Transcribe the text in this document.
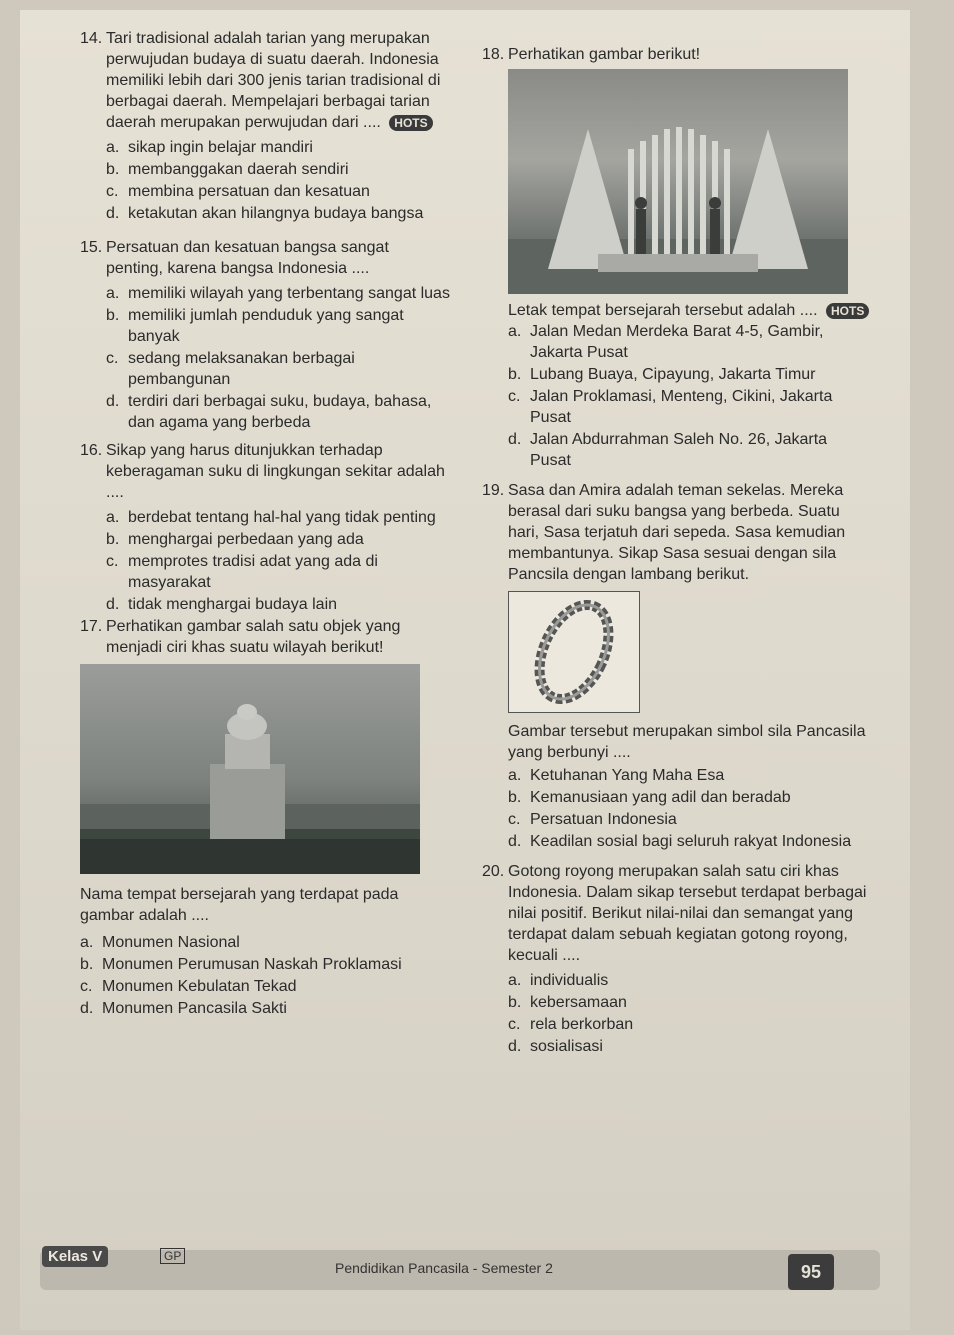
14. Tari tradisional adalah tarian yang merupakan perwujudan budaya di suatu daerah. Indonesia memiliki lebih dari 300 jenis tarian tradisional di berbagai daerah. Mempelajari berbagai tarian daerah merupakan perwujudan dari .... HOTS
a. sikap ingin belajar mandiri
b. membanggakan daerah sendiri
c. membina persatuan dan kesatuan
d. ketakutan akan hilangnya budaya bangsa
15. Persatuan dan kesatuan bangsa sangat penting, karena bangsa Indonesia ....
a. memiliki wilayah yang terbentang sangat luas
b. memiliki jumlah penduduk yang sangat banyak
c. sedang melaksanakan berbagai pembangunan
d. terdiri dari berbagai suku, budaya, bahasa, dan agama yang berbeda
16. Sikap yang harus ditunjukkan terhadap keberagaman suku di lingkungan sekitar adalah ....
a. berdebat tentang hal-hal yang tidak penting
b. menghargai perbedaan yang ada
c. memprotes tradisi adat yang ada di masyarakat
d. tidak menghargai budaya lain
17. Perhatikan gambar salah satu objek yang menjadi ciri khas suatu wilayah berikut!
Nama tempat bersejarah yang terdapat pada gambar adalah ....
a. Monumen Nasional
b. Monumen Perumusan Naskah Proklamasi
c. Monumen Kebulatan Tekad
d. Monumen Pancasila Sakti
18. Perhatikan gambar berikut!
Letak tempat bersejarah tersebut adalah .... HOTS
a. Jalan Medan Merdeka Barat 4-5, Gambir, Jakarta Pusat
b. Lubang Buaya, Cipayung, Jakarta Timur
c. Jalan Proklamasi, Menteng, Cikini, Jakarta Pusat
d. Jalan Abdurrahman Saleh No. 26, Jakarta Pusat
19. Sasa dan Amira adalah teman sekelas. Mereka berasal dari suku bangsa yang berbeda. Suatu hari, Sasa terjatuh dari sepeda. Sasa kemudian membantunya. Sikap Sasa sesuai dengan sila Pancsila dengan lambang berikut.
Gambar tersebut merupakan simbol sila Pancasila yang berbunyi ....
a. Ketuhanan Yang Maha Esa
b. Kemanusiaan yang adil dan beradab
c. Persatuan Indonesia
d. Keadilan sosial bagi seluruh rakyat Indonesia
20. Gotong royong merupakan salah satu ciri khas Indonesia. Dalam sikap tersebut terdapat berbagai nilai positif. Berikut nilai-nilai dan semangat yang terdapat dalam sebuah kegiatan gotong royong, kecuali ....
a. individualis
b. kebersamaan
c. rela berkorban
d. sosialisasi
Kelas V	GP
Pendidikan Pancasila - Semester 2	95
